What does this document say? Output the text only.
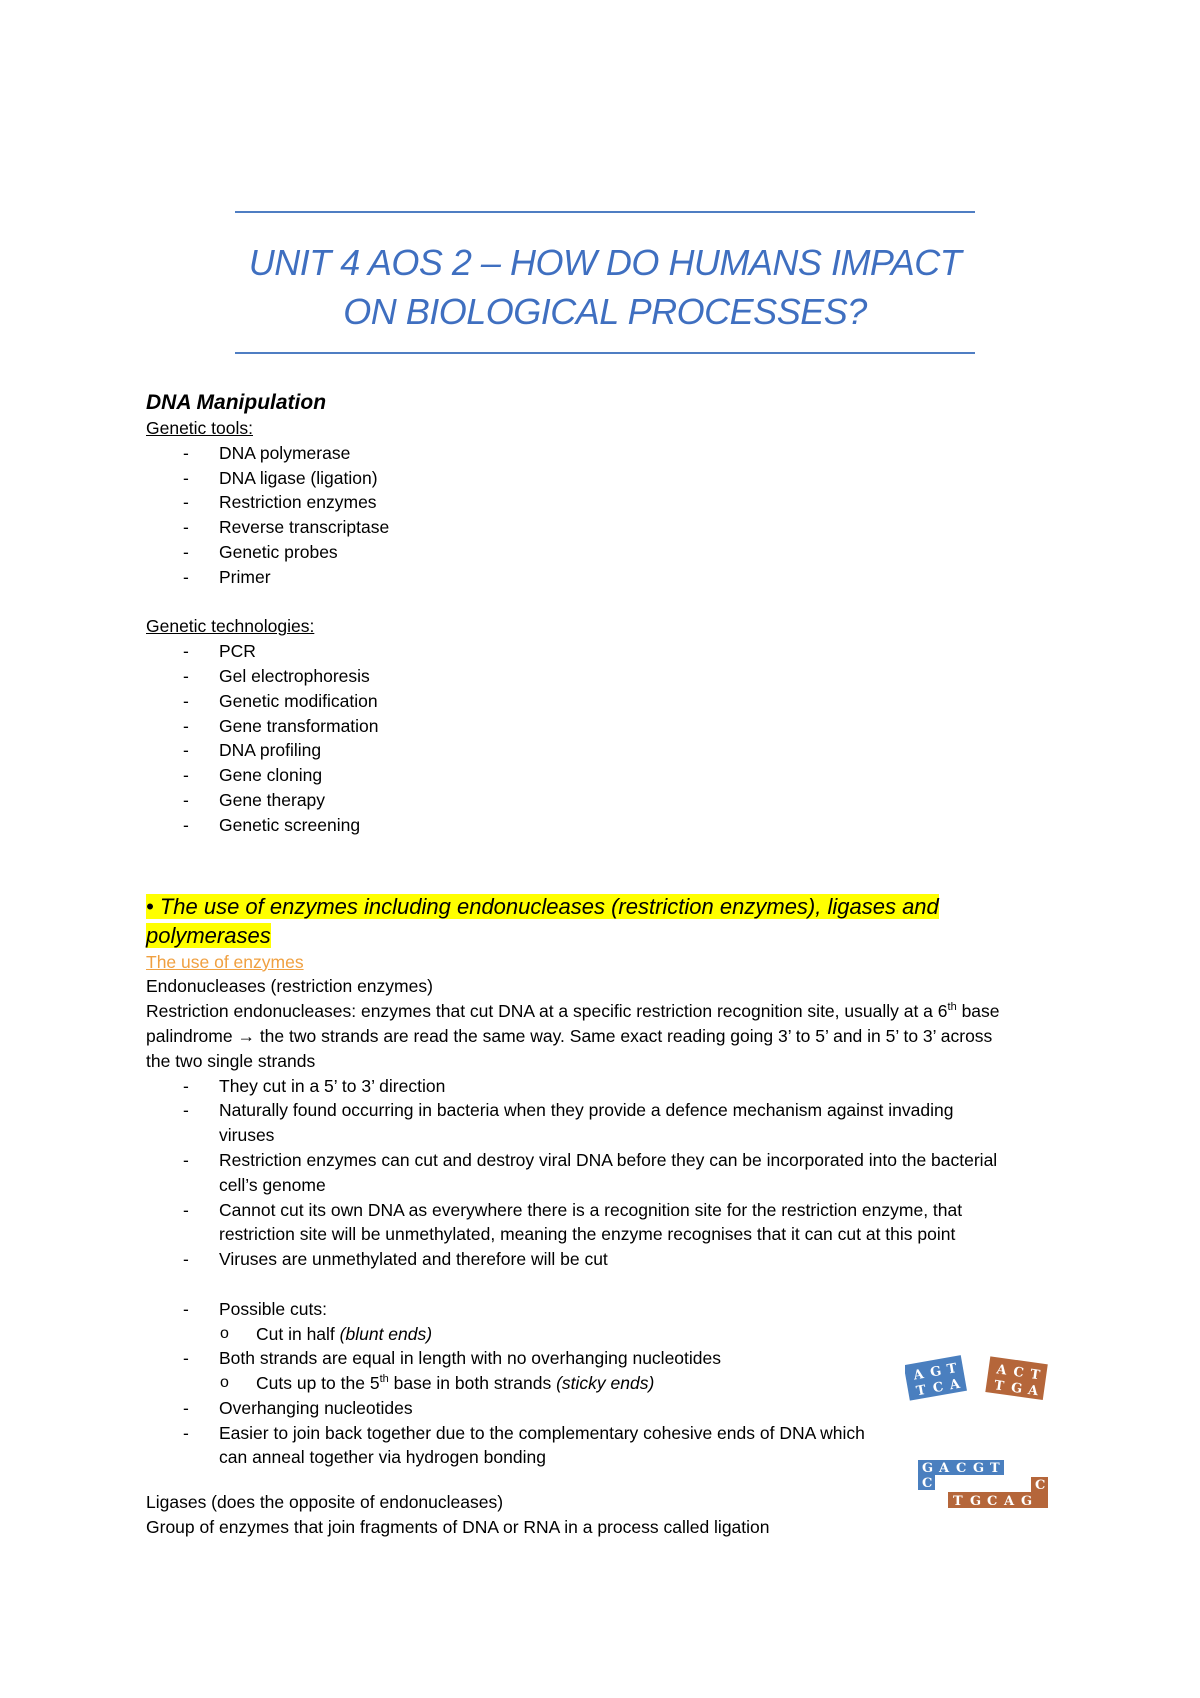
UNIT 4 AOS 2 – HOW DO HUMANS IMPACT
ON BIOLOGICAL PROCESSES?
DNA Manipulation
Genetic tools:
- DNA polymerase
- DNA ligase (ligation)
- Restriction enzymes
- Reverse transcriptase
- Genetic probes
- Primer
Genetic technologies:
- PCR
- Gel electrophoresis
- Genetic modification
- Gene transformation
- DNA profiling
- Gene cloning
- Gene therapy
- Genetic screening
• The use of enzymes including endonucleases (restriction enzymes), ligases and
polymerases
The use of enzymes
Endonucleases (restriction enzymes)
Restriction endonucleases: enzymes that cut DNA at a specific restriction recognition site, usually at a 6th base
palindrome → the two strands are read the same way. Same exact reading going 3’ to 5’ and in 5’ to 3’ across
the two single strands
- They cut in a 5’ to 3’ direction
- Naturally found occurring in bacteria when they provide a defence mechanism against invading viruses
- Restriction enzymes can cut and destroy viral DNA before they can be incorporated into the bacterial cell’s genome
- Cannot cut its own DNA as everywhere there is a recognition site for the restriction enzyme, that restriction site will be unmethylated, meaning the enzyme recognises that it can cut at this point
- Viruses are unmethylated and therefore will be cut
- Possible cuts:
o Cut in half (blunt ends)
- Both strands are equal in length with no overhanging nucleotides
o Cuts up to the 5th base in both strands (sticky ends)
- Overhanging nucleotides
- Easier to join back together due to the complementary cohesive ends of DNA which can anneal together via hydrogen bonding
Ligases (does the opposite of endonucleases)
Group of enzymes that join fragments of DNA or RNA in a process called ligation
A G T
T C A
A C T
T G A
G A C G T
C	C
T G C A G
